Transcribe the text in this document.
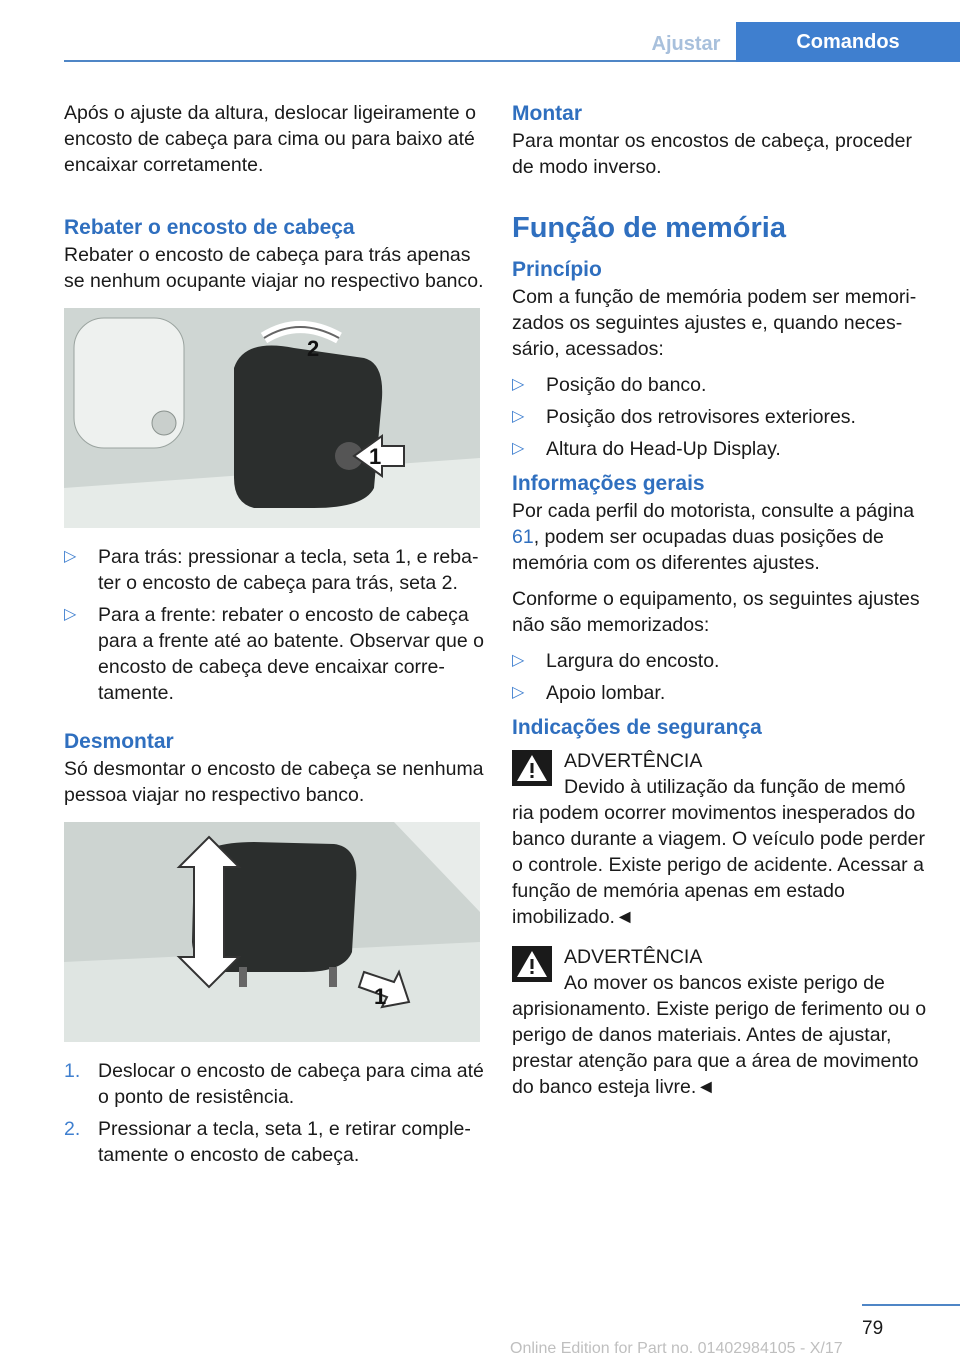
Ajustar	Comandos

Após o ajuste da altura, deslocar ligeiramente o encosto de cabeça para cima ou para baixo até encaixar corretamente.

Rebater o encosto de cabeça

Rebater o encosto de cabeça para trás apenas se nenhum ocupante viajar no respectivo banco.

2
1
▷ Para trás: pressionar a tecla, seta 1, e rebater o encosto de cabeça para trás, seta 2.
▷ Para a frente: rebater o encosto de cabeça para a frente até ao batente. Observar que o encosto de cabeça deve encaixar corretamente.
Desmontar

Só desmontar o encosto de cabeça se nenhuma pessoa viajar no respectivo banco.

1
1. Deslocar o encosto de cabeça para cima até o ponto de resistência.
2. Pressionar a tecla, seta 1, e retirar completamente o encosto de cabeça.
Montar

Para montar os encostos de cabeça, proceder de modo inverso.

Função de memória
Princípio

Com a função de memória podem ser memorizados os seguintes ajustes e, quando necessário, acessados:

▷ Posição do banco.
▷ Posição dos retrovisores exteriores.
▷ Altura do Head-Up Display.
Informações gerais

Por cada perfil do motorista, consulte a página 61, podem ser ocupadas duas posições de memória com os diferentes ajustes.

Conforme o equipamento, os seguintes ajustes não são memorizados:

▷ Largura do encosto.
▷ Apoio lombar.
Indicações de segurança
ADVERTÊNCIA
Devido à utilização da função de memó
ria podem ocorrer movimentos inesperados do banco durante a viagem. O veículo pode perder o controle. Existe perigo de acidente. Acessar a função de memória apenas em estado imobilizado.◄
ADVERTÊNCIA
Ao mover os bancos existe perigo de
aprisionamento. Existe perigo de ferimento ou o perigo de danos materiais. Antes de ajustar, prestar atenção para que a área de movimento do banco esteja livre.◄
79
Online Edition for Part no. 01402984105 - X/17
